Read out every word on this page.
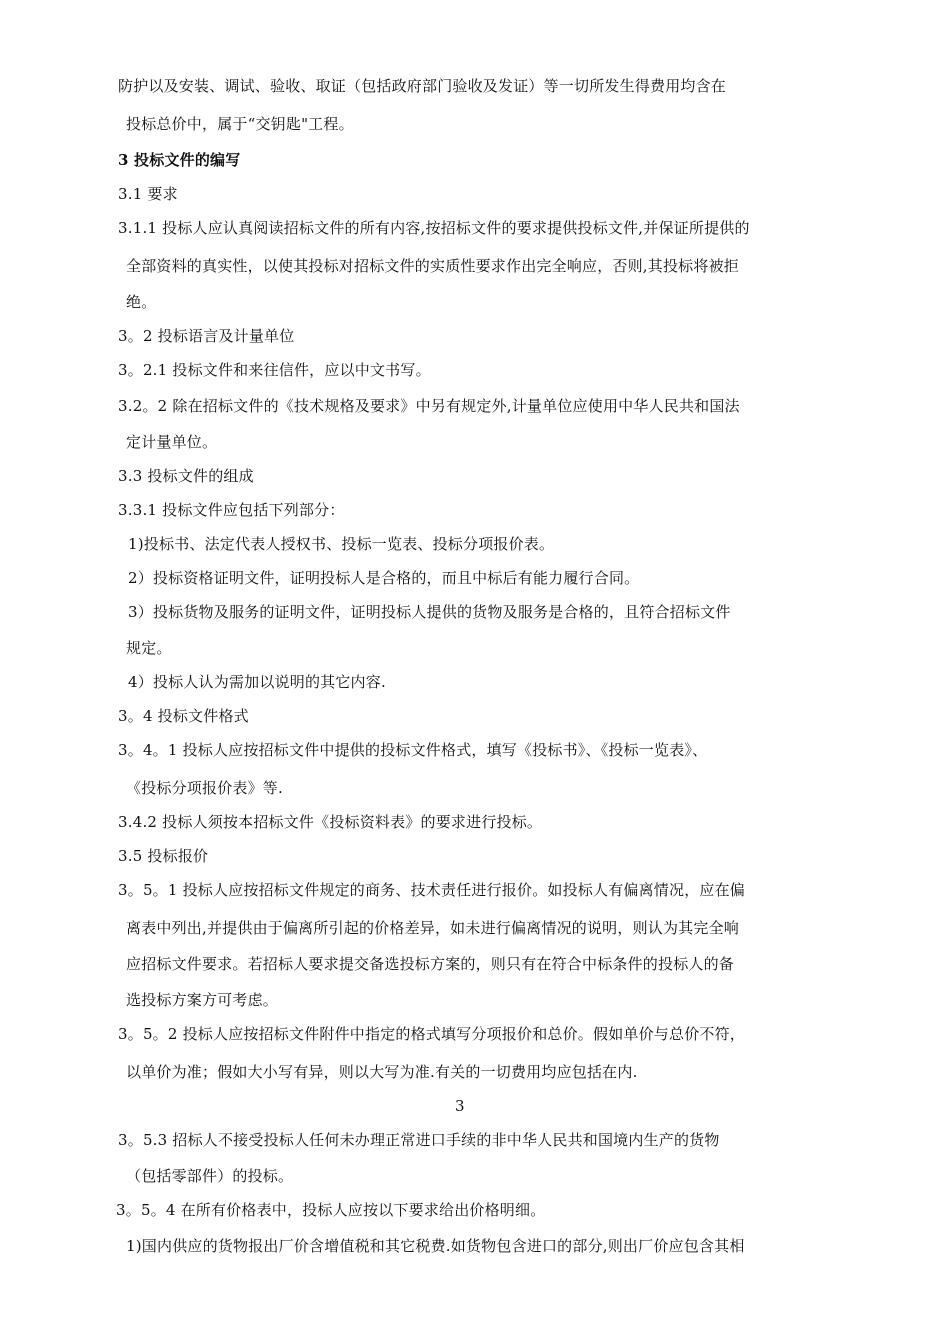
防护以及安装、调试、验收、取证（包括政府部门验收及发证）等一切所发生得费用均含在
投标总价中，属于“交钥匙"工程。
3 投标文件的编写
3.1 要求
3.1.1 投标人应认真阅读招标文件的所有内容,按招标文件的要求提供投标文件,并保证所提供的
全部资料的真实性，以使其投标对招标文件的实质性要求作出完全响应，否则,其投标将被拒
绝。
3。2 投标语言及计量单位
3。2.1 投标文件和来往信件，应以中文书写。
3.2。2 除在招标文件的《技术规格及要求》中另有规定外,计量单位应使用中华人民共和国法
定计量单位。
3.3 投标文件的组成
3.3.1 投标文件应包括下列部分：
1)投标书、法定代表人授权书、投标一览表、投标分项报价表。
2）投标资格证明文件，证明投标人是合格的，而且中标后有能力履行合同。
3）投标货物及服务的证明文件，证明投标人提供的货物及服务是合格的，且符合招标文件
规定。
4）投标人认为需加以说明的其它内容.
3。4 投标文件格式
3。4。1 投标人应按招标文件中提供的投标文件格式，填写《投标书》、《投标一览表》、
《投标分项报价表》等.
3.4.2 投标人须按本招标文件《投标资料表》的要求进行投标。
3.5 投标报价
3。5。1 投标人应按招标文件规定的商务、技术责任进行报价。如投标人有偏离情况，应在偏
离表中列出,并提供由于偏离所引起的价格差异，如未进行偏离情况的说明，则认为其完全响
应招标文件要求。若招标人要求提交备选投标方案的，则只有在符合中标条件的投标人的备
选投标方案方可考虑。
3。5。2 投标人应按招标文件附件中指定的格式填写分项报价和总价。假如单价与总价不符，
以单价为准；假如大小写有异，则以大写为准.有关的一切费用均应包括在内.
3
3。5.3 招标人不接受投标人任何未办理正常进口手续的非中华人民共和国境内生产的货物
（包括零部件）的投标。
3。5。4 在所有价格表中，投标人应按以下要求给出价格明细。
1)国内供应的货物报出厂价含增值税和其它税费.如货物包含进口的部分,则出厂价应包含其相
